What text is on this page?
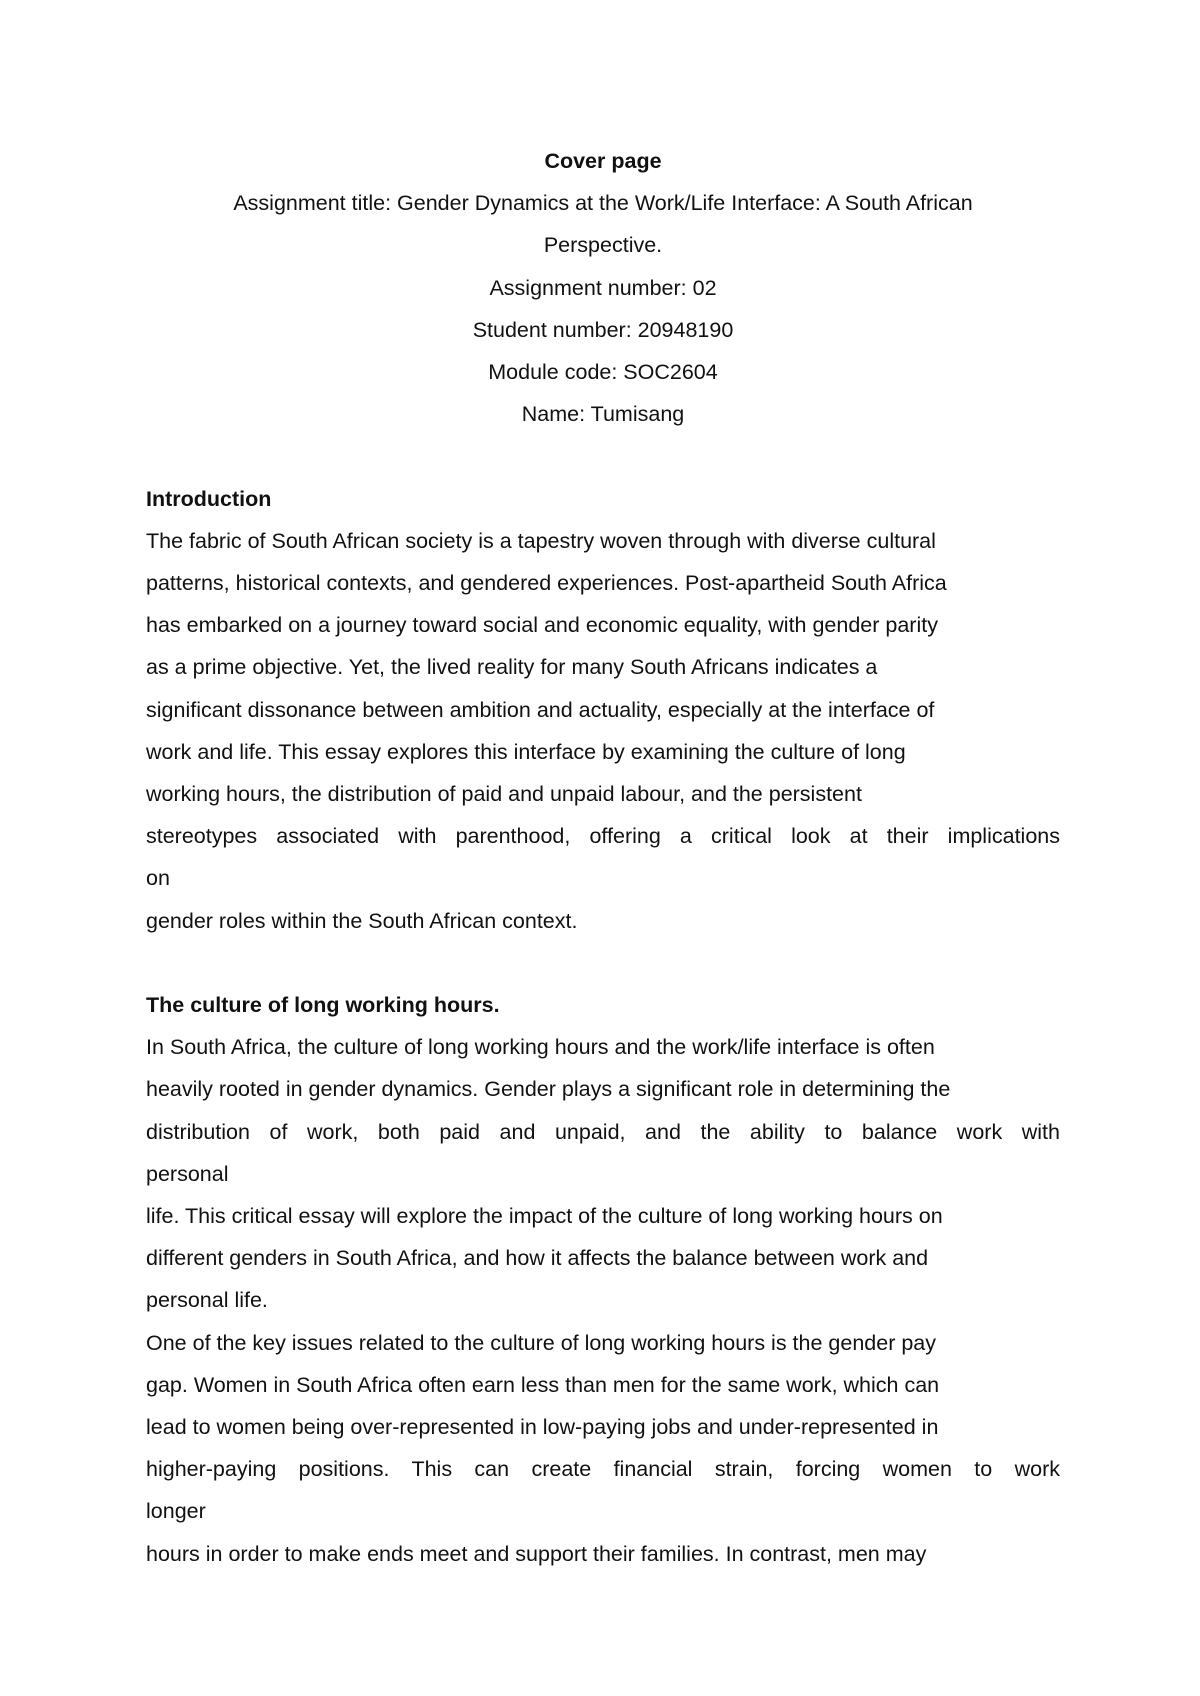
Cover page

Assignment title: Gender Dynamics at the Work/Life Interface: A South African

Perspective.

Assignment number: 02

Student number: 20948190

Module code: SOC2604

Name: Tumisang

Introduction

The fabric of South African society is a tapestry woven through with diverse cultural

patterns, historical contexts, and gendered experiences. Post-apartheid South Africa

has embarked on a journey toward social and economic equality, with gender parity

as a prime objective. Yet, the lived reality for many South Africans indicates a

significant dissonance between ambition and actuality, especially at the interface of

work and life. This essay explores this interface by examining the culture of long

working hours, the distribution of paid and unpaid labour, and the persistent

stereotypes associated with parenthood, offering a critical look at their implications

on

gender roles within the South African context.

The culture of long working hours.

In South Africa, the culture of long working hours and the work/life interface is often

heavily rooted in gender dynamics. Gender plays a significant role in determining the

distribution of work, both paid and unpaid, and the ability to balance work with

personal

life. This critical essay will explore the impact of the culture of long working hours on

different genders in South Africa, and how it affects the balance between work and

personal life.

One of the key issues related to the culture of long working hours is the gender pay

gap. Women in South Africa often earn less than men for the same work, which can

lead to women being over-represented in low-paying jobs and under-represented in

higher-paying positions. This can create financial strain, forcing women to work

longer

hours in order to make ends meet and support their families. In contrast, men may
